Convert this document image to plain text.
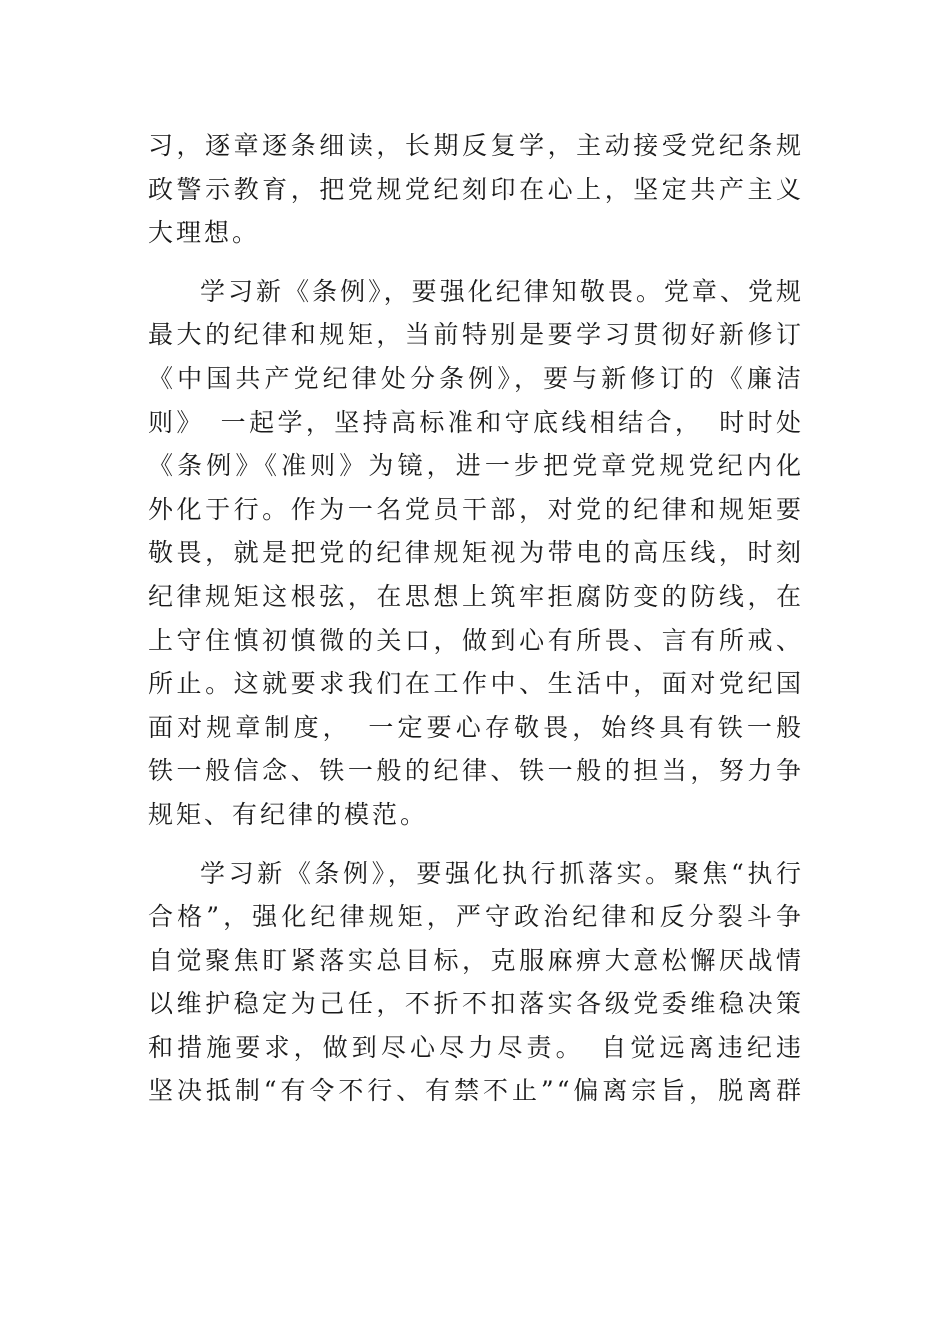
习，逐章逐条细读，长期反复学，主动接受党纪条规
政警示教育，把党规党纪刻印在心上，坚定共产主义
大理想。
学习新《条例》，要强化纪律知敬畏。党章、党规
最大的纪律和规矩，当前特别是要学习贯彻好新修订
《中国共产党纪律处分条例》，要与新修订的《廉洁
则》　一起学，坚持高标准和守底线相结合，　时时处
《条例》《准则》为镜，进一步把党章党规党纪内化
外化于行。作为一名党员干部，对党的纪律和规矩要
敬畏，就是把党的纪律规矩视为带电的高压线，时刻
纪律规矩这根弦，在思想上筑牢拒腐防变的防线，在
上守住慎初慎微的关口，做到心有所畏、言有所戒、
所止。这就要求我们在工作中、生活中，面对党纪国
面对规章制度，　一定要心存敬畏，始终具有铁一般
铁一般信念、铁一般的纪律、铁一般的担当，努力争
规矩、有纪律的模范。
学习新《条例》，要强化执行抓落实。聚焦“执行
合格”，强化纪律规矩，严守政治纪律和反分裂斗争
自觉聚焦盯紧落实总目标，克服麻痹大意松懈厌战情
以维护稳定为己任，不折不扣落实各级党委维稳决策
和措施要求，做到尽心尽力尽责。　自觉远离违纪违
坚决抵制“有令不行、有禁不止”“偏离宗旨，脱离群
